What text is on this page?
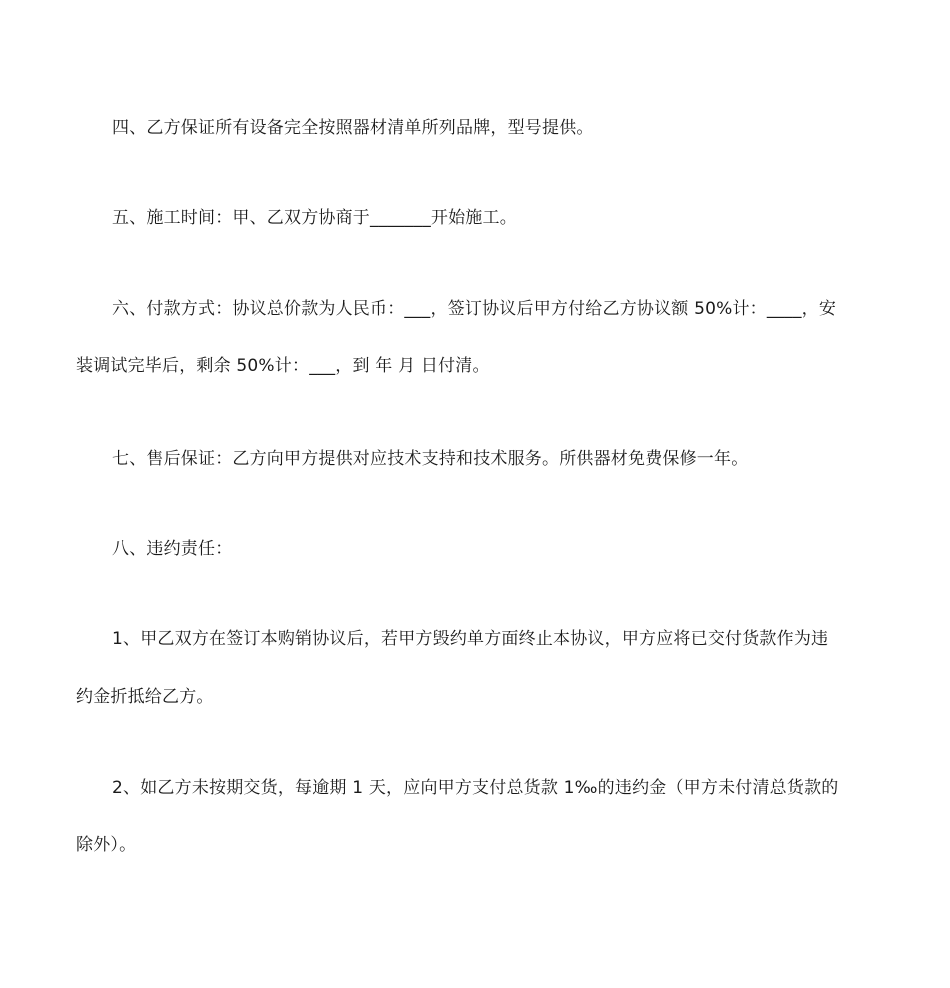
四、乙方保证所有设备完全按照器材清单所列品牌，型号提供。
五、施工时间：甲、乙双方协商于_______开始施工。
六、付款方式：协议总价款为人民币：___，签订协议后甲方付给乙方协议额 50%计：____，安
装调试完毕后，剩余 50%计：___，到 年 月 日付清。
七、售后保证：乙方向甲方提供对应技术支持和技术服务。所供器材免费保修一年。
八、违约责任：
1、甲乙双方在签订本购销协议后，若甲方毁约单方面终止本协议，甲方应将已交付货款作为违
约金折抵给乙方。
2、如乙方未按期交货，每逾期 1 天，应向甲方支付总货款 1‰的违约金（甲方未付清总货款的
除外）。
